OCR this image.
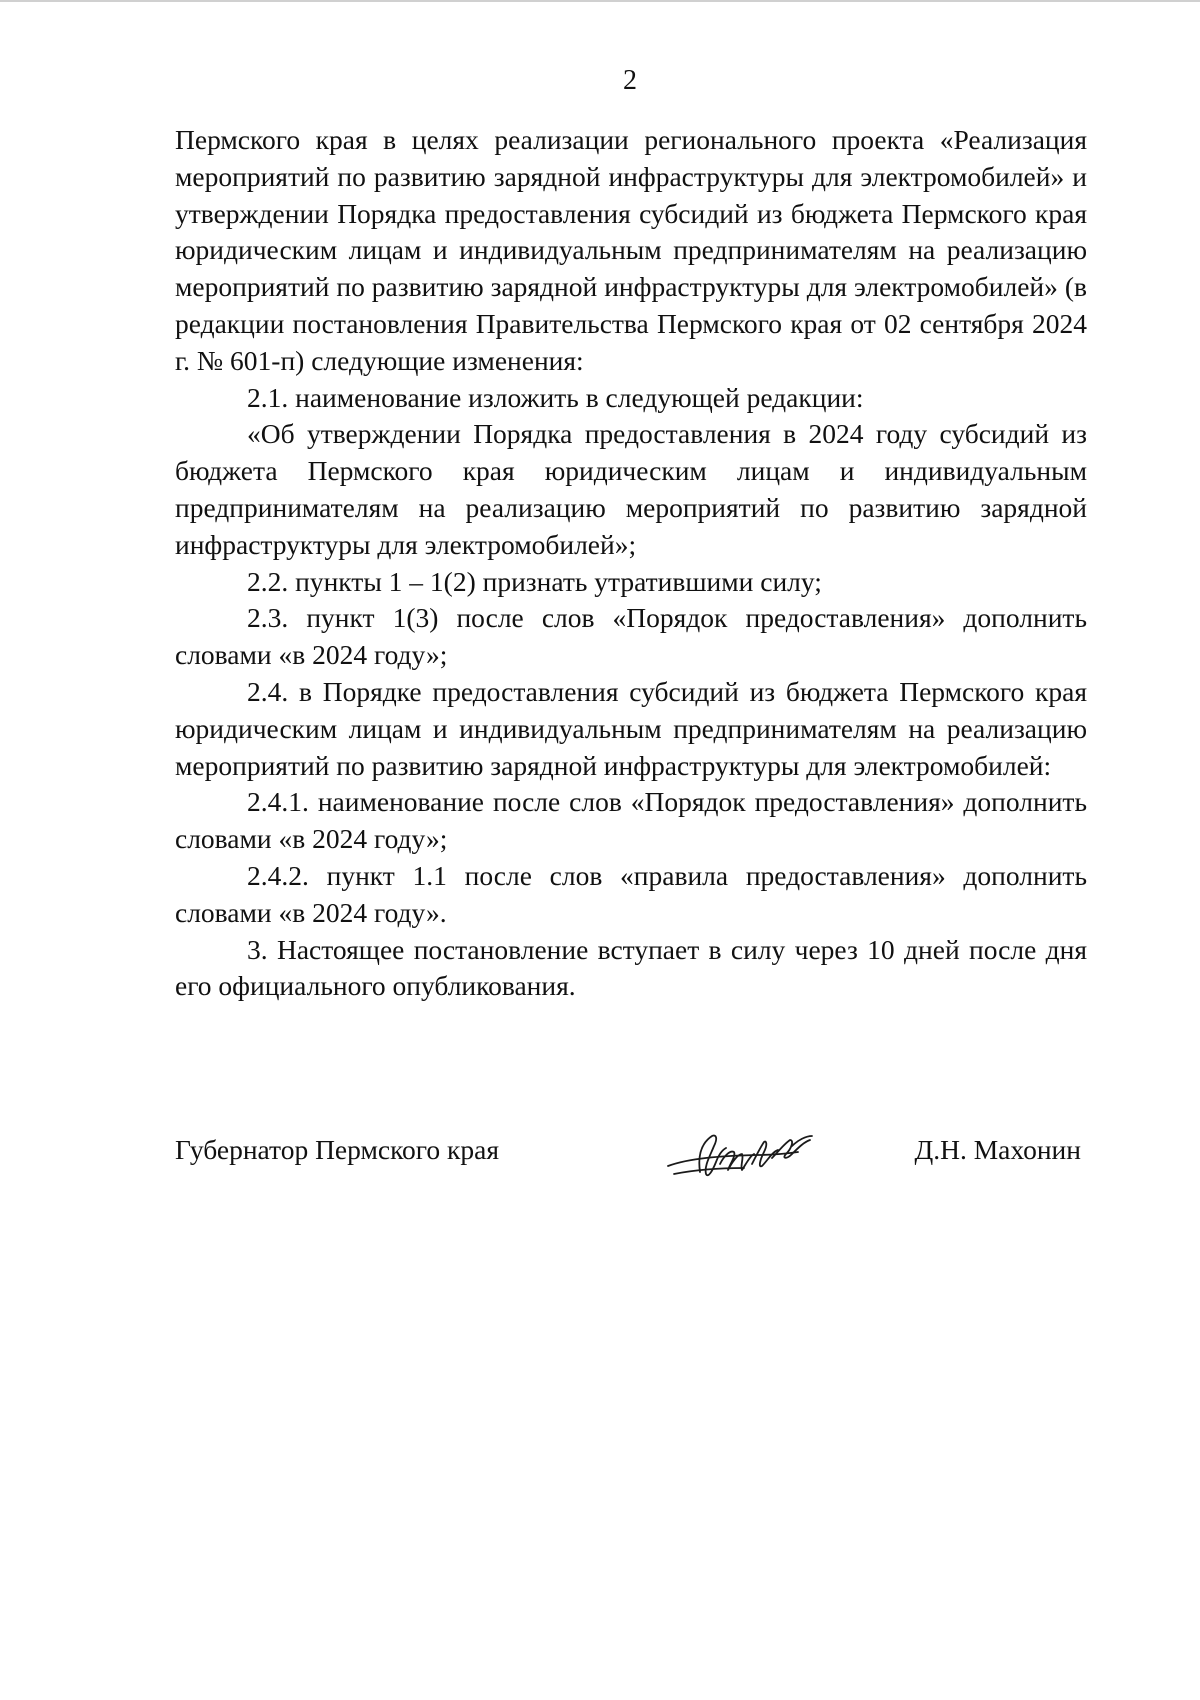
2

Пермского края в целях реализации регионального проекта «Реализация мероприятий по развитию зарядной инфраструктуры для электромобилей» и утверждении Порядка предоставления субсидий из бюджета Пермского края юридическим лицам и индивидуальным предпринимателям на реализацию мероприятий по развитию зарядной инфраструктуры для электромобилей» (в редакции постановления Правительства Пермского края от 02 сентября 2024 г. № 601-п) следующие изменения:

2.1. наименование изложить в следующей редакции:

«Об утверждении Порядка предоставления в 2024 году субсидий из бюджета Пермского края юридическим лицам и индивидуальным предпринимателям на реализацию мероприятий по развитию зарядной инфраструктуры для электромобилей»;

2.2. пункты 1 – 1(2) признать утратившими силу;

2.3. пункт 1(3) после слов «Порядок предоставления» дополнить словами «в 2024 году»;

2.4. в Порядке предоставления субсидий из бюджета Пермского края юридическим лицам и индивидуальным предпринимателям на реализацию мероприятий по развитию зарядной инфраструктуры для электромобилей:

2.4.1. наименование после слов «Порядок предоставления» дополнить словами «в 2024 году»;

2.4.2. пункт 1.1 после слов «правила предоставления» дополнить словами «в 2024 году».

3. Настоящее постановление вступает в силу через 10 дней после дня его официального опубликования.

Губернатор Пермского края	Д.Н. Махонин
